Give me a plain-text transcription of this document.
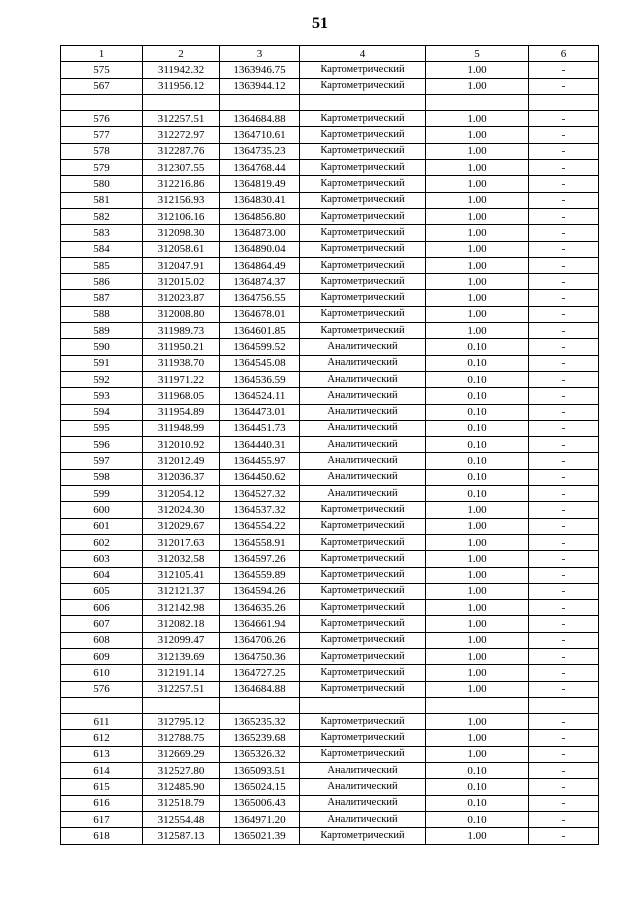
51
1	2	3	4	5	6
575	311942.32	1363946.75	Картометрический	1.00	-
567	311956.12	1363944.12	Картометрический	1.00	-

576	312257.51	1364684.88	Картометрический	1.00	-
577	312272.97	1364710.61	Картометрический	1.00	-
578	312287.76	1364735.23	Картометрический	1.00	-
579	312307.55	1364768.44	Картометрический	1.00	-
580	312216.86	1364819.49	Картометрический	1.00	-
581	312156.93	1364830.41	Картометрический	1.00	-
582	312106.16	1364856.80	Картометрический	1.00	-
583	312098.30	1364873.00	Картометрический	1.00	-
584	312058.61	1364890.04	Картометрический	1.00	-
585	312047.91	1364864.49	Картометрический	1.00	-
586	312015.02	1364874.37	Картометрический	1.00	-
587	312023.87	1364756.55	Картометрический	1.00	-
588	312008.80	1364678.01	Картометрический	1.00	-
589	311989.73	1364601.85	Картометрический	1.00	-
590	311950.21	1364599.52	Аналитический	0.10	-
591	311938.70	1364545.08	Аналитический	0.10	-
592	311971.22	1364536.59	Аналитический	0.10	-
593	311968.05	1364524.11	Аналитический	0.10	-
594	311954.89	1364473.01	Аналитический	0.10	-
595	311948.99	1364451.73	Аналитический	0.10	-
596	312010.92	1364440.31	Аналитический	0.10	-
597	312012.49	1364455.97	Аналитический	0.10	-
598	312036.37	1364450.62	Аналитический	0.10	-
599	312054.12	1364527.32	Аналитический	0.10	-
600	312024.30	1364537.32	Картометрический	1.00	-
601	312029.67	1364554.22	Картометрический	1.00	-
602	312017.63	1364558.91	Картометрический	1.00	-
603	312032.58	1364597.26	Картометрический	1.00	-
604	312105.41	1364559.89	Картометрический	1.00	-
605	312121.37	1364594.26	Картометрический	1.00	-
606	312142.98	1364635.26	Картометрический	1.00	-
607	312082.18	1364661.94	Картометрический	1.00	-
608	312099.47	1364706.26	Картометрический	1.00	-
609	312139.69	1364750.36	Картометрический	1.00	-
610	312191.14	1364727.25	Картометрический	1.00	-
576	312257.51	1364684.88	Картометрический	1.00	-

611	312795.12	1365235.32	Картометрический	1.00	-
612	312788.75	1365239.68	Картометрический	1.00	-
613	312669.29	1365326.32	Картометрический	1.00	-
614	312527.80	1365093.51	Аналитический	0.10	-
615	312485.90	1365024.15	Аналитический	0.10	-
616	312518.79	1365006.43	Аналитический	0.10	-
617	312554.48	1364971.20	Аналитический	0.10	-
618	312587.13	1365021.39	Картометрический	1.00	-
